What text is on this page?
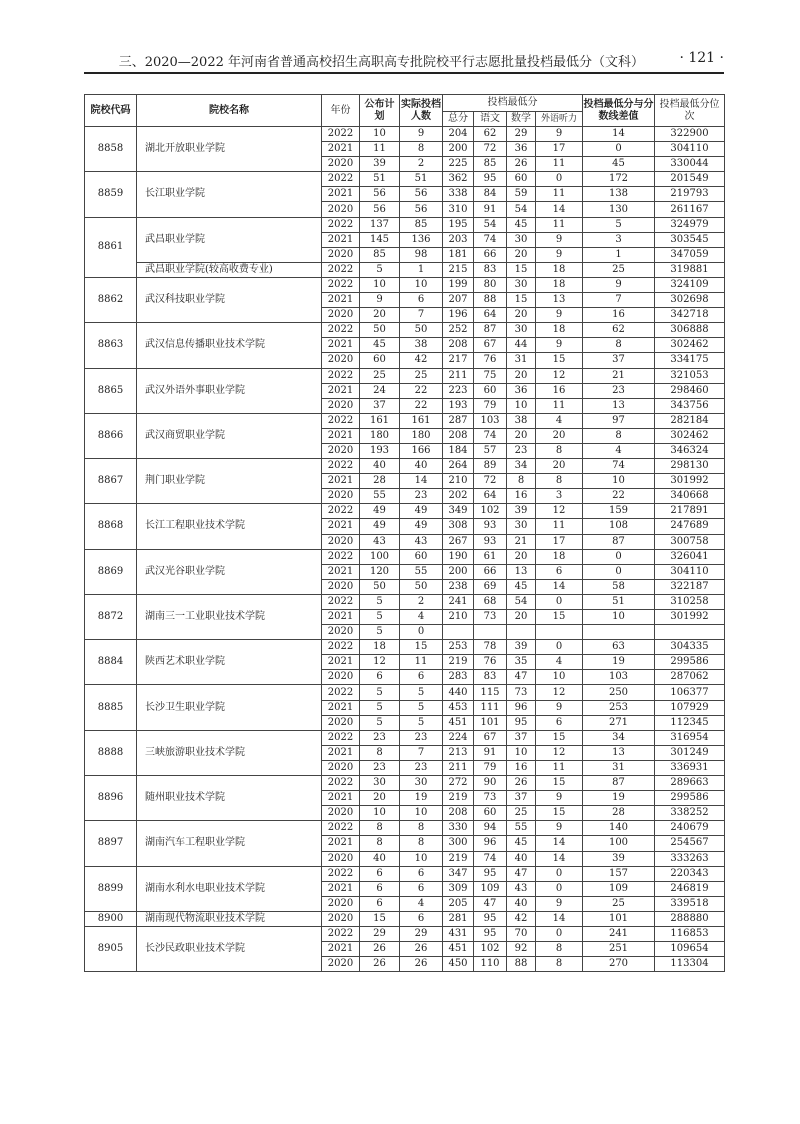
三、2020—2022 年河南省普通高校招生高职高专批院校平行志愿批量投档最低分（文科）	· 121 ·
院校代码	院校名称	年份	公布计划	实际投档人数	投档最低分				投档最低分与分数线差值	投档最低分位次
					总分	语文	数学	外语听力		
8858	湖北开放职业学院	2022	10	9	204	62	29	9	14	322900
		2021	11	8	200	72	36	17	0	304110
		2020	39	2	225	85	26	11	45	330044
8859	长江职业学院	2022	51	51	362	95	60	0	172	201549
		2021	56	56	338	84	59	11	138	219793
		2020	56	56	310	91	54	14	130	261167
8861	武昌职业学院	2022	137	85	195	54	45	11	5	324979
		2021	145	136	203	74	30	9	3	303545
		2020	85	98	181	66	20	9	1	347059
	武昌职业学院(较高收费专业)	2022	5	1	215	83	15	18	25	319881
8862	武汉科技职业学院	2022	10	10	199	80	30	18	9	324109
		2021	9	6	207	88	15	13	7	302698
		2020	20	7	196	64	20	9	16	342718
8863	武汉信息传播职业技术学院	2022	50	50	252	87	30	18	62	306888
		2021	45	38	208	67	44	9	8	302462
		2020	60	42	217	76	31	15	37	334175
8865	武汉外语外事职业学院	2022	25	25	211	75	20	12	21	321053
		2021	24	22	223	60	36	16	23	298460
		2020	37	22	193	79	10	11	13	343756
8866	武汉商贸职业学院	2022	161	161	287	103	38	4	97	282184
		2021	180	180	208	74	20	20	8	302462
		2020	193	166	184	57	23	8	4	346324
8867	荆门职业学院	2022	40	40	264	89	34	20	74	298130
		2021	28	14	210	72	8	8	10	301992
		2020	55	23	202	64	16	3	22	340668
8868	长江工程职业技术学院	2022	49	49	349	102	39	12	159	217891
		2021	49	49	308	93	30	11	108	247689
		2020	43	43	267	93	21	17	87	300758
8869	武汉光谷职业学院	2022	100	60	190	61	20	18	0	326041
		2021	120	55	200	66	13	6	0	304110
		2020	50	50	238	69	45	14	58	322187
8872	湖南三一工业职业技术学院	2022	5	2	241	68	54	0	51	310258
		2021	5	4	210	73	20	15	10	301992
		2020	5	0						
8884	陕西艺术职业学院	2022	18	15	253	78	39	0	63	304335
		2021	12	11	219	76	35	4	19	299586
		2020	6	6	283	83	47	10	103	287062
8885	长沙卫生职业学院	2022	5	5	440	115	73	12	250	106377
		2021	5	5	453	111	96	9	253	107929
		2020	5	5	451	101	95	6	271	112345
8888	三峡旅游职业技术学院	2022	23	23	224	67	37	15	34	316954
		2021	8	7	213	91	10	12	13	301249
		2020	23	23	211	79	16	11	31	336931
8896	随州职业技术学院	2022	30	30	272	90	26	15	87	289663
		2021	20	19	219	73	37	9	19	299586
		2020	10	10	208	60	25	15	28	338252
8897	湖南汽车工程职业学院	2022	8	8	330	94	55	9	140	240679
		2021	8	8	300	96	45	14	100	254567
		2020	40	10	219	74	40	14	39	333263
8899	湖南水利水电职业技术学院	2022	6	6	347	95	47	0	157	220343
		2021	6	6	309	109	43	0	109	246819
		2020	6	4	205	47	40	9	25	339518
8900	湖南现代物流职业技术学院	2020	15	6	281	95	42	14	101	288880
8905	长沙民政职业技术学院	2022	29	29	431	95	70	0	241	116853
		2021	26	26	451	102	92	8	251	109654
		2020	26	26	450	110	88	8	270	113304
